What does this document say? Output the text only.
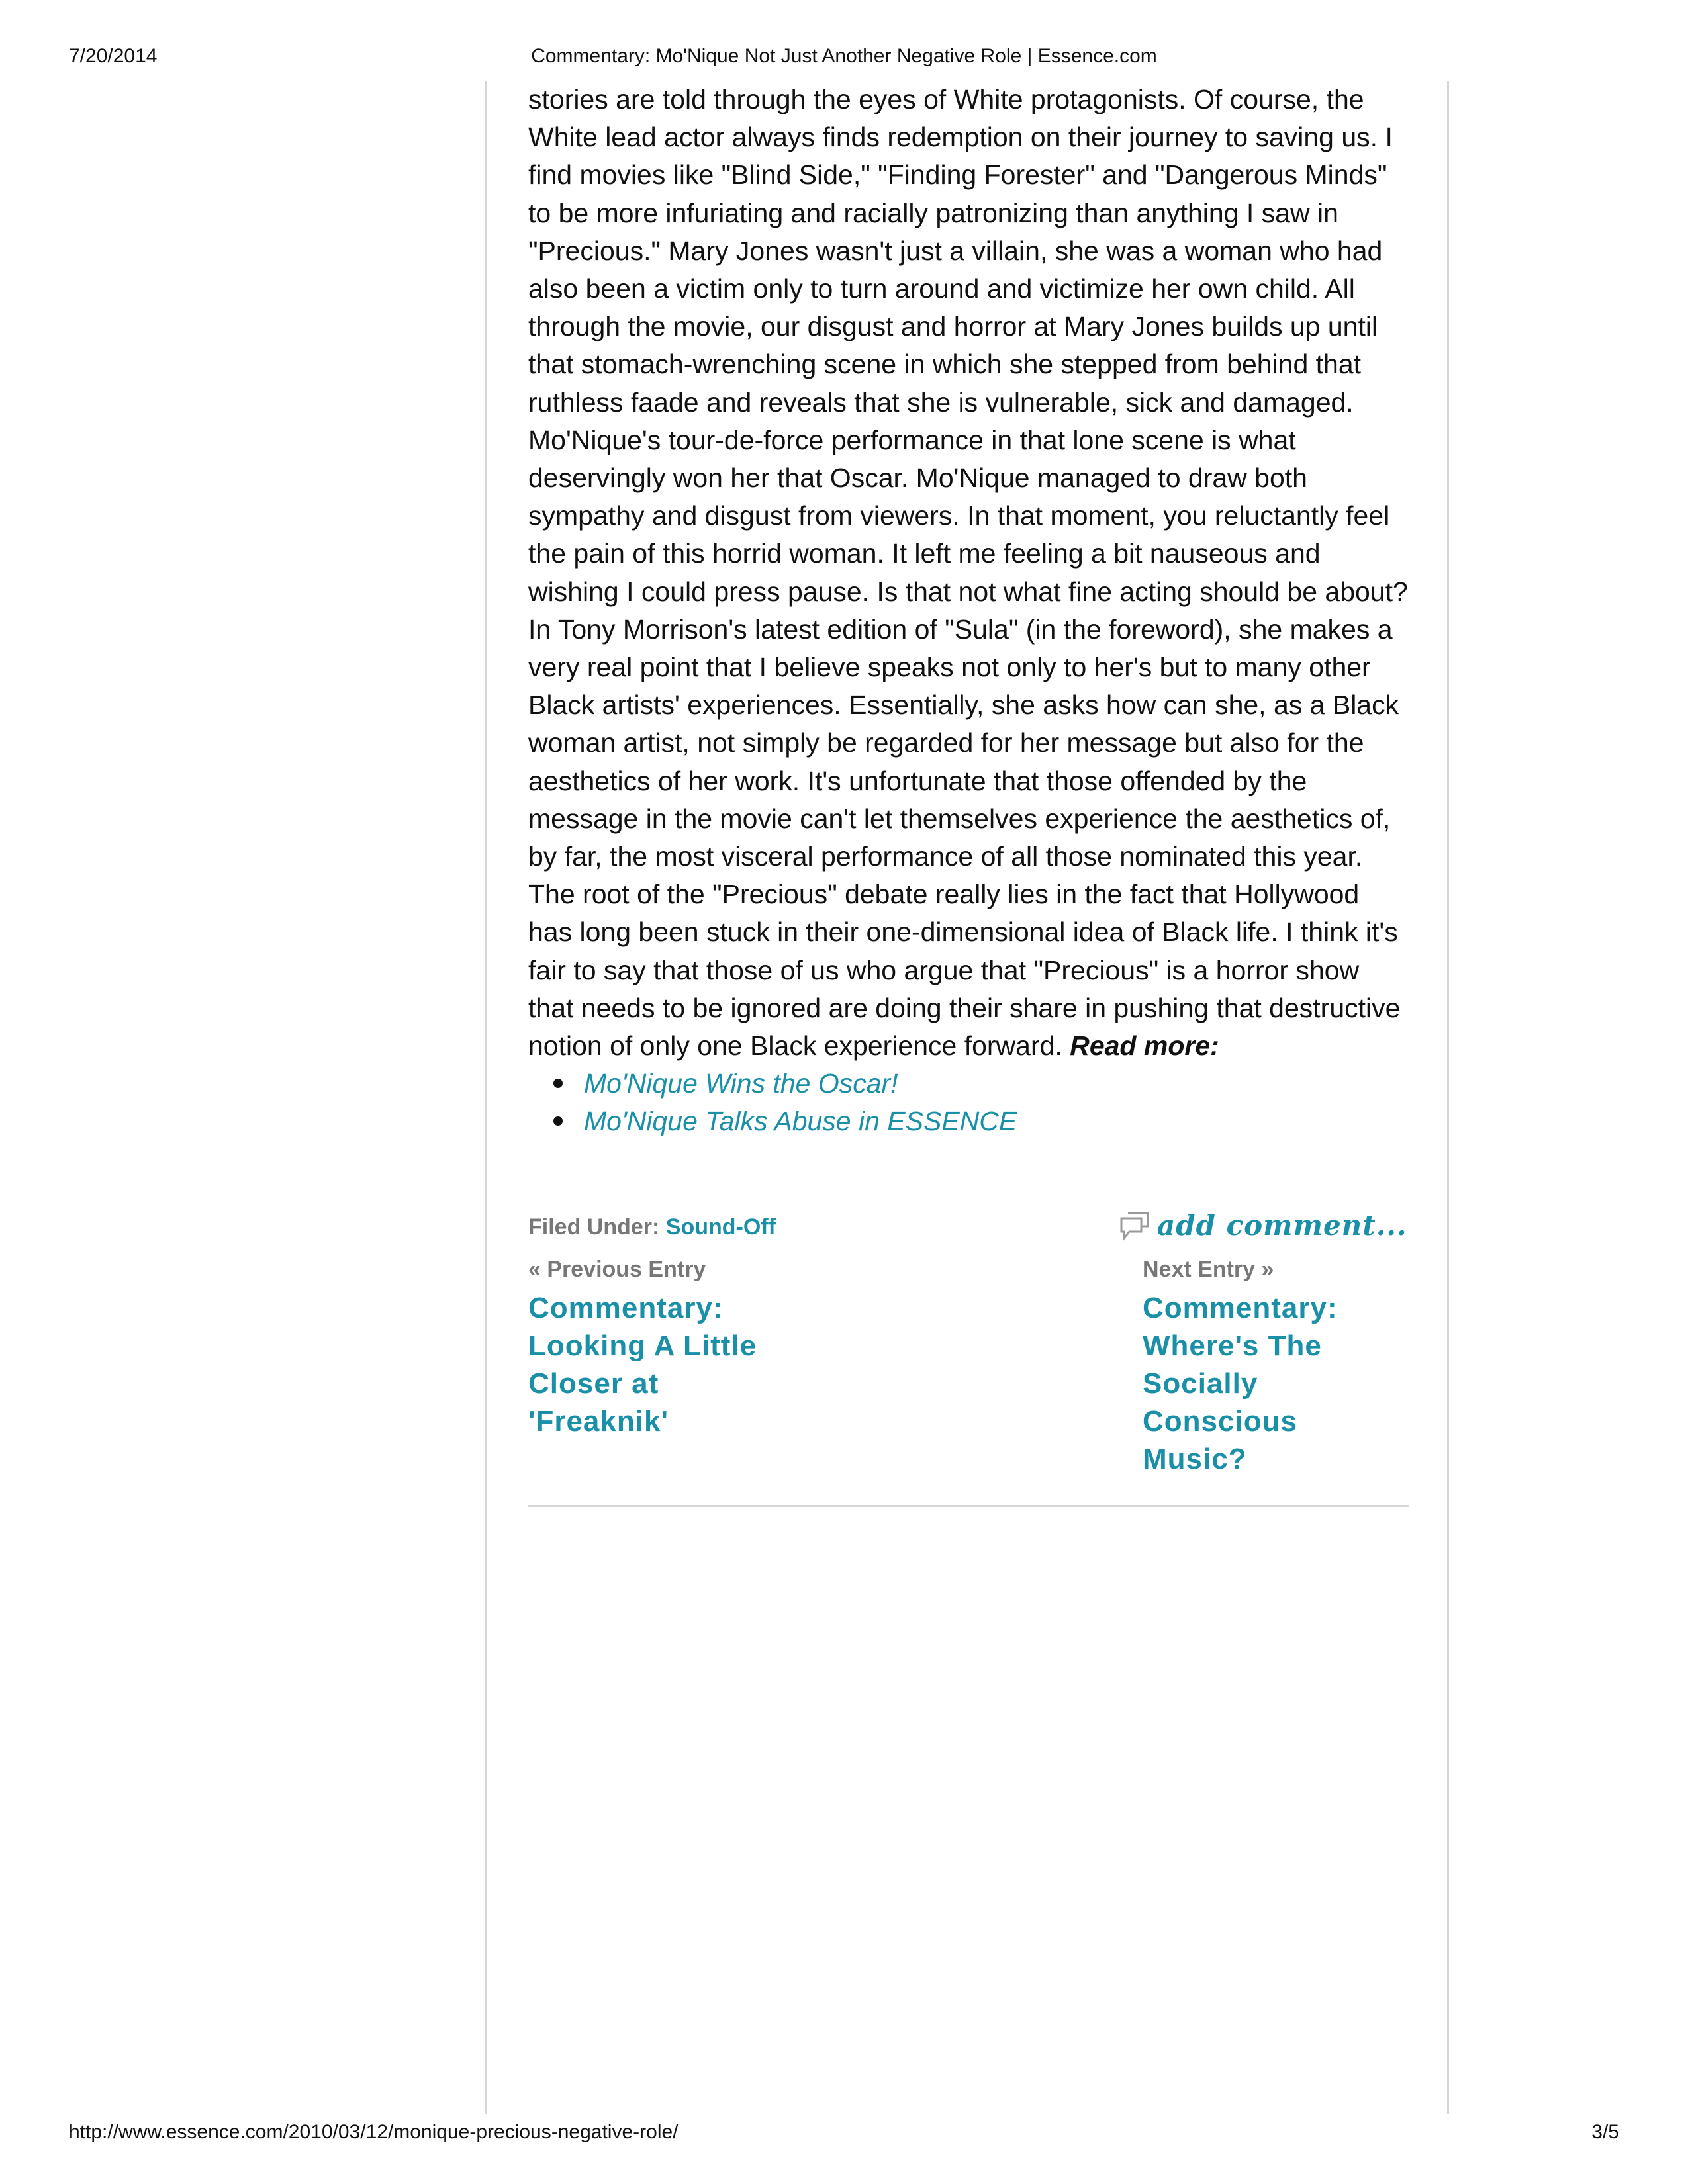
7/20/2014	Commentary: Mo'Nique Not Just Another Negative Role | Essence.com

stories are told through the eyes of White protagonists. Of course, the White lead actor always finds redemption on their journey to saving us. I find movies like "Blind Side," "Finding Forester" and "Dangerous Minds" to be more infuriating and racially patronizing than anything I saw in "Precious." Mary Jones wasn't just a villain, she was a woman who had also been a victim only to turn around and victimize her own child. All through the movie, our disgust and horror at Mary Jones builds up until that stomach-wrenching scene in which she stepped from behind that ruthless faade and reveals that she is vulnerable, sick and damaged. Mo'Nique's tour-de-force performance in that lone scene is what deservingly won her that Oscar. Mo'Nique managed to draw both sympathy and disgust from viewers. In that moment, you reluctantly feel the pain of this horrid woman. It left me feeling a bit nauseous and wishing I could press pause. Is that not what fine acting should be about? In Tony Morrison's latest edition of "Sula" (in the foreword), she makes a very real point that I believe speaks not only to her's but to many other Black artists' experiences. Essentially, she asks how can she, as a Black woman artist, not simply be regarded for her message but also for the aesthetics of her work. It's unfortunate that those offended by the message in the movie can't let themselves experience the aesthetics of, by far, the most visceral performance of all those nominated this year. The root of the "Precious" debate really lies in the fact that Hollywood has long been stuck in their one-dimensional idea of Black life. I think it's fair to say that those of us who argue that "Precious" is a horror show that needs to be ignored are doing their share in pushing that destructive notion of only one Black experience forward. Read more:

Mo'Nique Wins the Oscar!
Mo'Nique Talks Abuse in ESSENCE
Filed Under: Sound-Off	add comment...
« Previous Entry
Commentary: Looking A Little Closer at 'Freaknik'
Next Entry »
Commentary: Where's The Socially Conscious Music?
http://www.essence.com/2010/03/12/monique-precious-negative-role/	3/5
